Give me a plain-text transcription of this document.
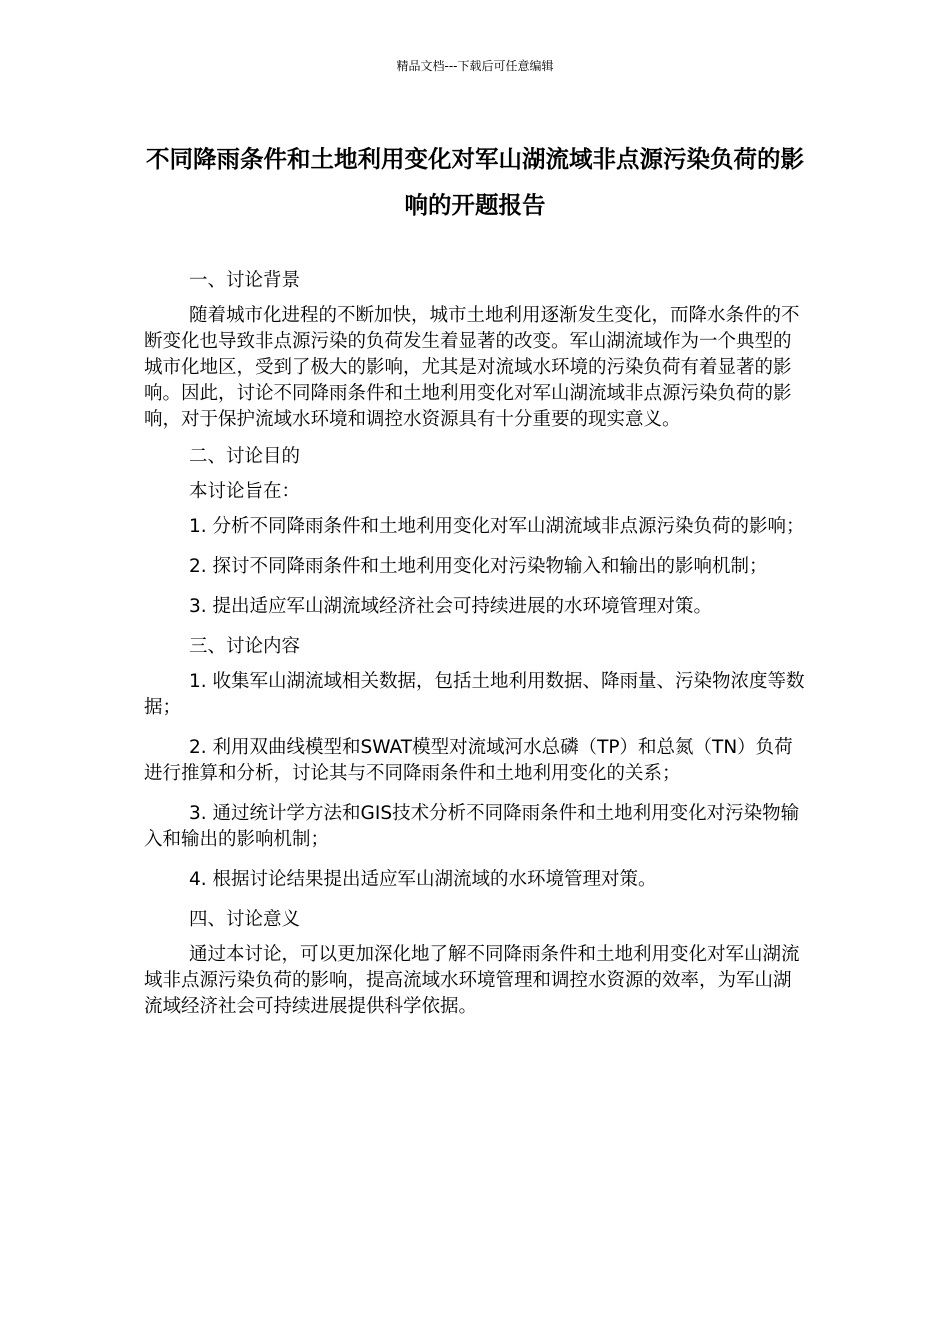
精品文档---下载后可任意编辑
不同降雨条件和土地利用变化对军山湖流域非点源污染负荷的影响的开题报告

一、讨论背景

随着城市化进程的不断加快，城市土地利用逐渐发生变化，而降水条件的不断变化也导致非点源污染的负荷发生着显著的改变。军山湖流域作为一个典型的城市化地区，受到了极大的影响，尤其是对流域水环境的污染负荷有着显著的影响。因此，讨论不同降雨条件和土地利用变化对军山湖流域非点源污染负荷的影响，对于保护流域水环境和调控水资源具有十分重要的现实意义。

二、讨论目的

本讨论旨在：

1. 分析不同降雨条件和土地利用变化对军山湖流域非点源污染负荷的影响；

2. 探讨不同降雨条件和土地利用变化对污染物输入和输出的影响机制；

3. 提出适应军山湖流域经济社会可持续进展的水环境管理对策。

三、讨论内容

1. 收集军山湖流域相关数据，包括土地利用数据、降雨量、污染物浓度等数据；

2. 利用双曲线模型和SWAT模型对流域河水总磷（TP）和总氮（TN）负荷进行推算和分析，讨论其与不同降雨条件和土地利用变化的关系；

3. 通过统计学方法和GIS技术分析不同降雨条件和土地利用变化对污染物输入和输出的影响机制；

4. 根据讨论结果提出适应军山湖流域的水环境管理对策。

四、讨论意义

通过本讨论，可以更加深化地了解不同降雨条件和土地利用变化对军山湖流域非点源污染负荷的影响，提高流域水环境管理和调控水资源的效率，为军山湖流域经济社会可持续进展提供科学依据。
